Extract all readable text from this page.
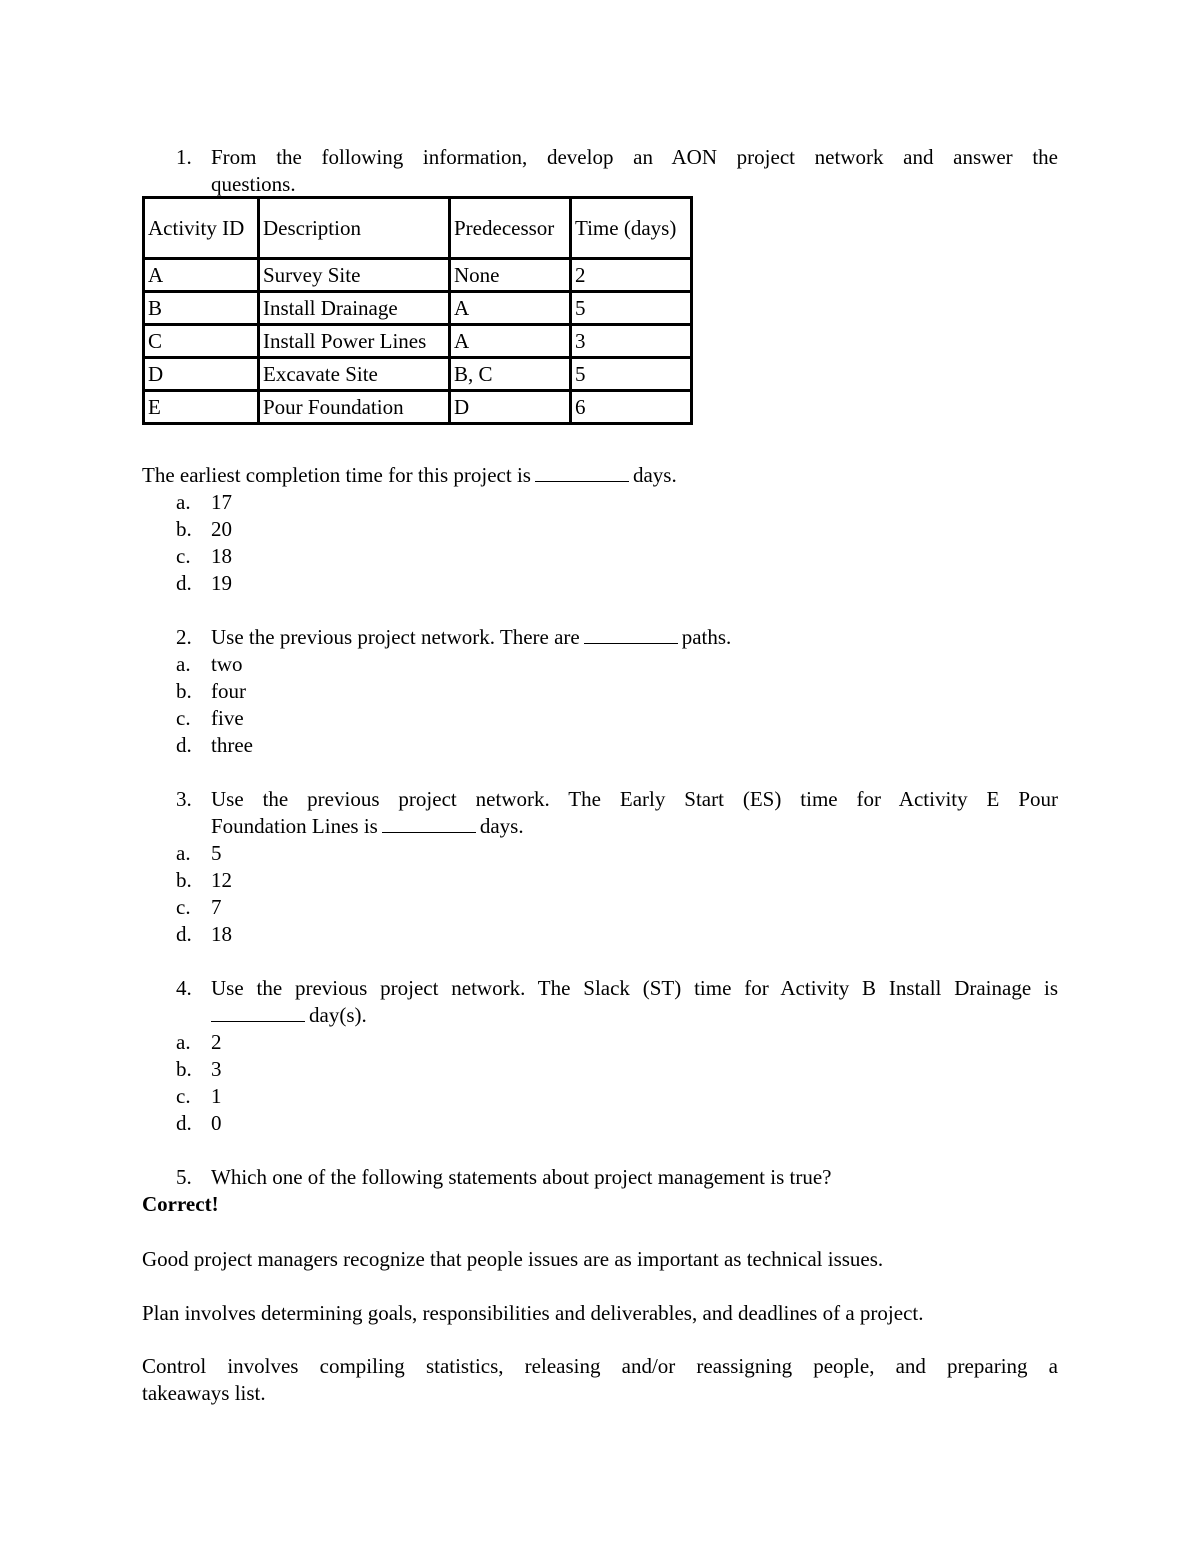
1. From the following information, develop an AON project network and answer the
questions.
Activity ID	Description	Predecessor	Time (days)
A	Survey Site	None	2
B	Install Drainage	A	5
C	Install Power Lines	A	3
D	Excavate Site	B, C	5
E	Pour Foundation	D	6
The earliest completion time for this project is	days.
a. 17
b. 20
c. 18
d. 19
2. Use the previous project network. There are	paths.
a. two
b. four
c. five
d. three
3. Use the previous project network. The Early Start (ES) time for Activity E Pour
Foundation Lines is	days.
a. 5
b. 12
c. 7
d. 18
4. Use the previous project network. The Slack (ST) time for Activity B Install Drainage is
day(s).
a. 2
b. 3
c. 1
d. 0
5. Which one of the following statements about project management is true?
Correct!
Good project managers recognize that people issues are as important as technical issues.
Plan involves determining goals, responsibilities and deliverables, and deadlines of a project.
Control involves compiling statistics, releasing and/or reassigning people, and preparing a
takeaways list.
